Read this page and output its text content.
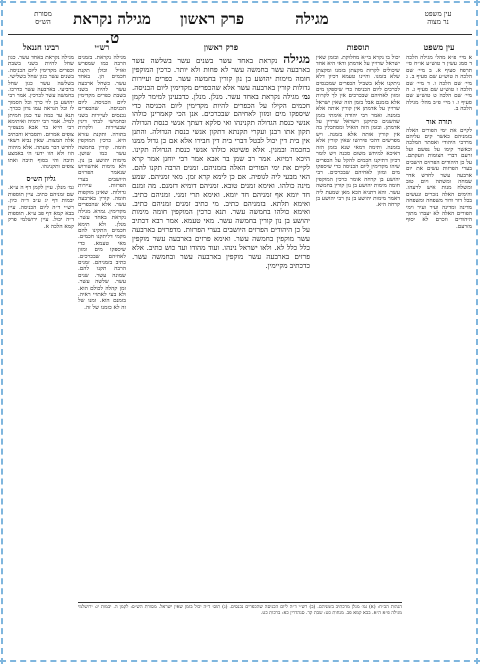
עין משפט
נר מצוה
מגילה נקראת ט.
פרק ראשון	מגילה
מסורת
הש״ס
עין משפט
א מיי׳ פ״א מהל׳ מגילה הלכה ד סמג עשין ד טוש״ע או״ח סי׳ תרפח סעיף א. ב מיי׳ שם הלכה ה טוש״ע שם סעיף ב. ג מיי׳ שם הלכה ו. ד מיי׳ שם הלכה ז טוש״ע שם סעיף ג. ה מיי׳ שם הלכה ט טוש״ע שם סעיף ו. ו מיי׳ פ״ב מהל׳ מגילה הלכה ב.
תורה אור
לקיים את ימי הפורים האלה בזמניהם כאשר קים עליהם מרדכי היהודי ואסתר המלכה וכאשר קימו על נפשם ועל זרעם דברי הצומות וזעקתם. על כן היהודים הפרזים הישבים בערי הפרזות עשים את יום ארבעה עשר לחדש אדר שמחה ומשתה ויום טוב ומשלח מנות איש לרעהו. והימים האלה נזכרים ונעשים בכל דור ודור משפחה ומשפחה מדינה ומדינה ועיר ועיר וימי הפורים האלה לא יעברו מתוך היהודים וזכרם לא יסוף מזרעם.
תוספות
יכול בו נקרא בי״א מחלוקת. ובזמן שאין ישראל שרויין על אדמתן ודאי היא אחד שיכולים לקרות מקצתן בזמנו ומקצתן שלא בזמנו. והיינו טעמא דכיון דלא ניתקנו אלא בשביל הכפרים שמכנסים לכרכים ליום הכניסה כדי שיספקו מים ומזון לאחיהם שבכרכים אין לך לקרות אלא בזמנם אבל בזמן הזה שאין ישראל שרויין על אדמתן אין קורין אותה אלא בזמנה. ואמר רבי יהודה אימתי בזמן שהשנים כתיקנן וישראל שרויין על אדמתן. ובזמן הזה הואיל ומסתכלין בה אין קורין אותה אלא בזמנה. ויש מפרשים דהכי פירושו שאין קורין אלא בזמנה. ותימה דמאי שנא בזמן הזה דאיכא למיחש משום סכנה ויש לומר דכיון דתיקנו חכמים להקל על הכפרים שיהו מקדימין ליום הכניסה כדי שיספקו מים ומזון לאחיהם שבכרכים. רבי יהושע בן קרחה אומר כרכין המוקפין חומה מימות יהושע בן נון קורין בחמשה עשר. והא דתניא הכא מאן שמעת ליה דאמר מימות יהושע בן נון רבי יהושע בן קרחה היא.
פרק ראשון
מגילה נקראת באחד עשר בשנים עשר בשלשה עשר בארבעה עשר בחמשה עשר לא פחות ולא יותר. כרכין המוקפין חומה מימות יהושע בן נון קורין בחמשה עשר. כפרים ועיירות גדולות קורין בארבעה עשר אלא שהכפרים מקדימין ליום הכניסה. גמ׳ מגילה נקראת באחד עשר. מנלן. מנלן. כדבעינן למימר לקמן חכמים הקילו על הכפרים להיות מקדימין ליום הכניסה כדי שיספקו מים ומזון לאחיהם שבכרכים. אנן הכי קאמרינן כולהו אנשי כנסת הגדולה תקנינהו ואי סלקא דעתך אנשי כנסת הגדולה תקון אתו רבנן ועקרי תקנתא דתקון אנשי כנסת הגדולה. והתנן אין בית דין יכול לבטל דברי בית דין חבירו אלא אם כן גדול ממנו בחכמה ובמנין. אלא פשיטא כולהו אנשי כנסת הגדולה תקינו. היכא רמיזא. אמר רב שמן בר אבא אמר רבי יוחנן אמר קרא לקיים את ימי הפורים האלה בזמניהם. זמנים הרבה תקנו להם. האי מבעי ליה לגופיה. אם כן לימא קרא זמן. מאי זמניהם. שמע מינה כולהו. ואימא זמנים טובא. זמניהם דומיא דזמנם. מה זמנם חד יומא אף זמניהם חד יומא. ואימא תרי זמני. זמניהם כתיב. ואימא תלתא. בזמניהם כתיב. מי כתיב זמנים זמניהם כתיב. ואימא כולהו בחמשה עשר. תנא כרכין המוקפין חומה מימות יהושע בן נון קורין בחמשה עשר. מאי טעמא. אמר רבא דכתיב על כן היהודים הפרזים היושבים בערי הפרזות. מדפרזים בארבעה עשר מוקפין בחמשה עשר. ואימא פרזים בארבעה עשר מוקפין כלל כלל לא. ולאו ישראל נינהו. ועוד מהודו ועד כוש כתיב. אלא פרזים בארבעה עשר מוקפין בארבעה עשר ובחמשה עשר. כדכתיב מקיימין.
רש״י
מגילה נקראת. בזמנים הרבה כמו שמפרש ואזיל וכולן תקנת חכמים הן. באחד עשר. כשחל ארבעה עשר להיות בשני בשבת כפרים מקדימין ליום הכניסה. ליום הכניסה. שהכפרים נכנסים לעיירות בשני ובחמישי לבתי דינין שבעיירות ולקרות בתורה. ותקנת עזרא היא. כרכין המוקפין חומה. קורין בחמשה עשר כמו שושן. מימות יהושע בן נון. ולא מימות אחשורוש שנאמר הפרזים היושבים בערי הפרזות. עיירות גדולות. שאינן מוקפות חומה. קורין בארבעה עשר. אלא שהכפרים מקדימין. גמרא. מגילה נקראת באחד עשר. מנלן. ולא תימא חכמים התקינו להם מקמי דליתקנו חכמים. מאי טעמא. כדי שיספקו מים ומזון לאחיהם שבכרכים. כתיב בזמניהם. זמנים הרבה תקנו להם. שמונה עשר. שנים עשר. שלשה עשר. זמן קהלה לכולם הוא. ולא בעי לאתויי ראיה. בזמנם הוא. זמנו של זה לא כזמנו של זה.
רבינו חננאל
מגילה נקראת באחד עשר. כגון שחל להיות בשני בשבת וכפרים מקדימין ליום הכניסה. בשנים עשר כגון שחל בשלישי. בשלשה עשר כגון שחל ברביעי. בארבעה עשר כדרכו. בחמשה עשר לכרכין. אמר רבי יהושע בן לוי כרך וכל הסמוך לו וכל הנראה עמו נדון ככרך. תנא עד כמה עד כמן חמיתן למיל. אמר רבי ירמיה ואיתימא רבי חייא בר אבא מנצפ״ך צופים אמרום. ותסברא והכתיב אלה המצות. שאין נביא רשאי לחדש דבר מעתה. אלא מיהוה הוו ולא הוו ידעי הי באמצע תיבה והי בסוף תיבה ואתו צופים ותקנינהו.
גליון הש״ס
גמ׳ מנלן. עיין לקמן דף ה ע״א. שם זמניהם כתיב. עיין תוספות יבמות דף יג ע״ב ד״ה כיון. רש״י ד״ה ליום הכניסה. עיין בבא קמא דף פב ע״א. תוספות ד״ה יכול. עיין ירושלמי פרק קמא הלכה א.
הגהות הב״ח: (א) גמ׳ מנלן מדכתיב בזמניהם. (ב) רש״י ד״ה ליום הכניסה שהכפרים נכנסים. (ג) תוס׳ ד״ה יכול בזמן שאין ישראל. מסורת הש״ס: לקמן ה. יבמות יג: ירושלמי מגילה פ״א ה״א. בבא קמא פב. מנחות כט: שבת קד. סנהדרין כא: ברכות כט.
